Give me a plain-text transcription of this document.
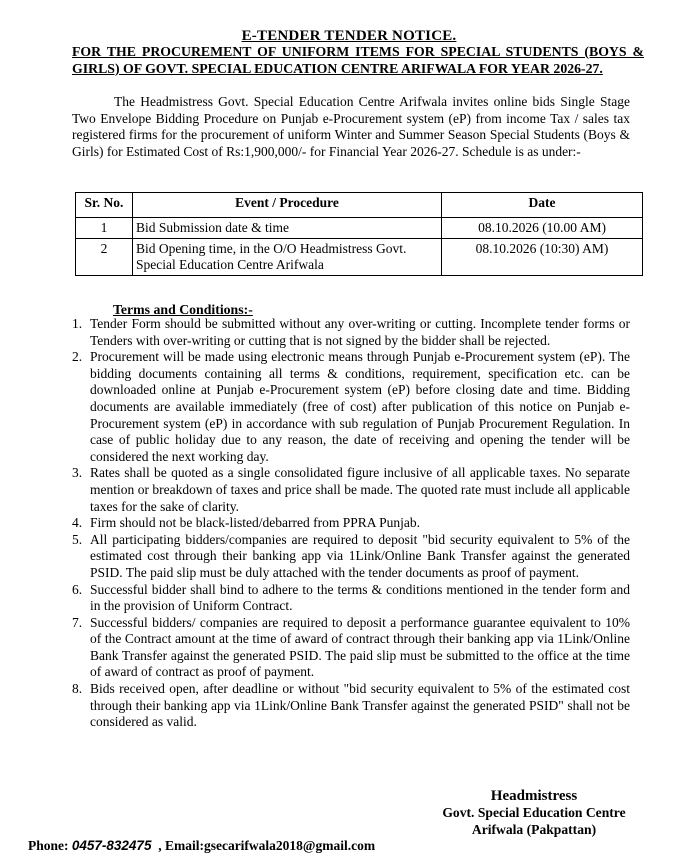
E-TENDER TENDER NOTICE.
FOR THE PROCUREMENT OF UNIFORM ITEMS FOR SPECIAL STUDENTS (BOYS & GIRLS) OF GOVT. SPECIAL EDUCATION CENTRE ARIFWALA FOR YEAR 2026-27.
The Headmistress Govt. Special Education Centre Arifwala invites online bids Single Stage Two Envelope Bidding Procedure on Punjab e-Procurement system (eP) from income Tax / sales tax registered firms for the procurement of uniform Winter and Summer Season Special Students (Boys & Girls) for Estimated Cost of Rs:1,900,000/- for Financial Year 2026-27. Schedule is as under:-
Sr. No.	Event / Procedure	Date
1	Bid Submission date & time	08.10.2026 (10.00 AM)
2	Bid Opening time, in the O/O Headmistress Govt. Special Education Centre Arifwala	08.10.2026 (10:30) AM)
Terms and Conditions:-
1. Tender Form should be submitted without any over-writing or cutting. Incomplete tender forms or Tenders with over-writing or cutting that is not signed by the bidder shall be rejected.
2. Procurement will be made using electronic means through Punjab e-Procurement system (eP). The bidding documents containing all terms & conditions, requirement, specification etc. can be downloaded online at Punjab e-Procurement system (eP) before closing date and time. Bidding documents are available immediately (free of cost) after publication of this notice on Punjab e-Procurement system (eP) in accordance with sub regulation of Punjab Procurement Regulation. In case of public holiday due to any reason, the date of receiving and opening the tender will be considered the next working day.
3. Rates shall be quoted as a single consolidated figure inclusive of all applicable taxes. No separate mention or breakdown of taxes and price shall be made. The quoted rate must include all applicable taxes for the sake of clarity.
4. Firm should not be black-listed/debarred from PPRA Punjab.
5. All participating bidders/companies are required to deposit "bid security equivalent to 5% of the estimated cost through their banking app via 1Link/Online Bank Transfer against the generated PSID. The paid slip must be duly attached with the tender documents as proof of payment.
6. Successful bidder shall bind to adhere to the terms & conditions mentioned in the tender form and in the provision of Uniform Contract.
7. Successful bidders/ companies are required to deposit a performance guarantee equivalent to 10% of the Contract amount at the time of award of contract through their banking app via 1Link/Online Bank Transfer against the generated PSID. The paid slip must be submitted to the office at the time of award of contract as proof of payment.
8. Bids received open, after deadline or without "bid security equivalent to 5% of the estimated cost through their banking app via 1Link/Online Bank Transfer against the generated PSID" shall not be considered as valid.
Headmistress
Govt. Special Education Centre
Arifwala (Pakpattan)
Phone: 0457-832475  , Email:gsecarifwala2018@gmail.com
